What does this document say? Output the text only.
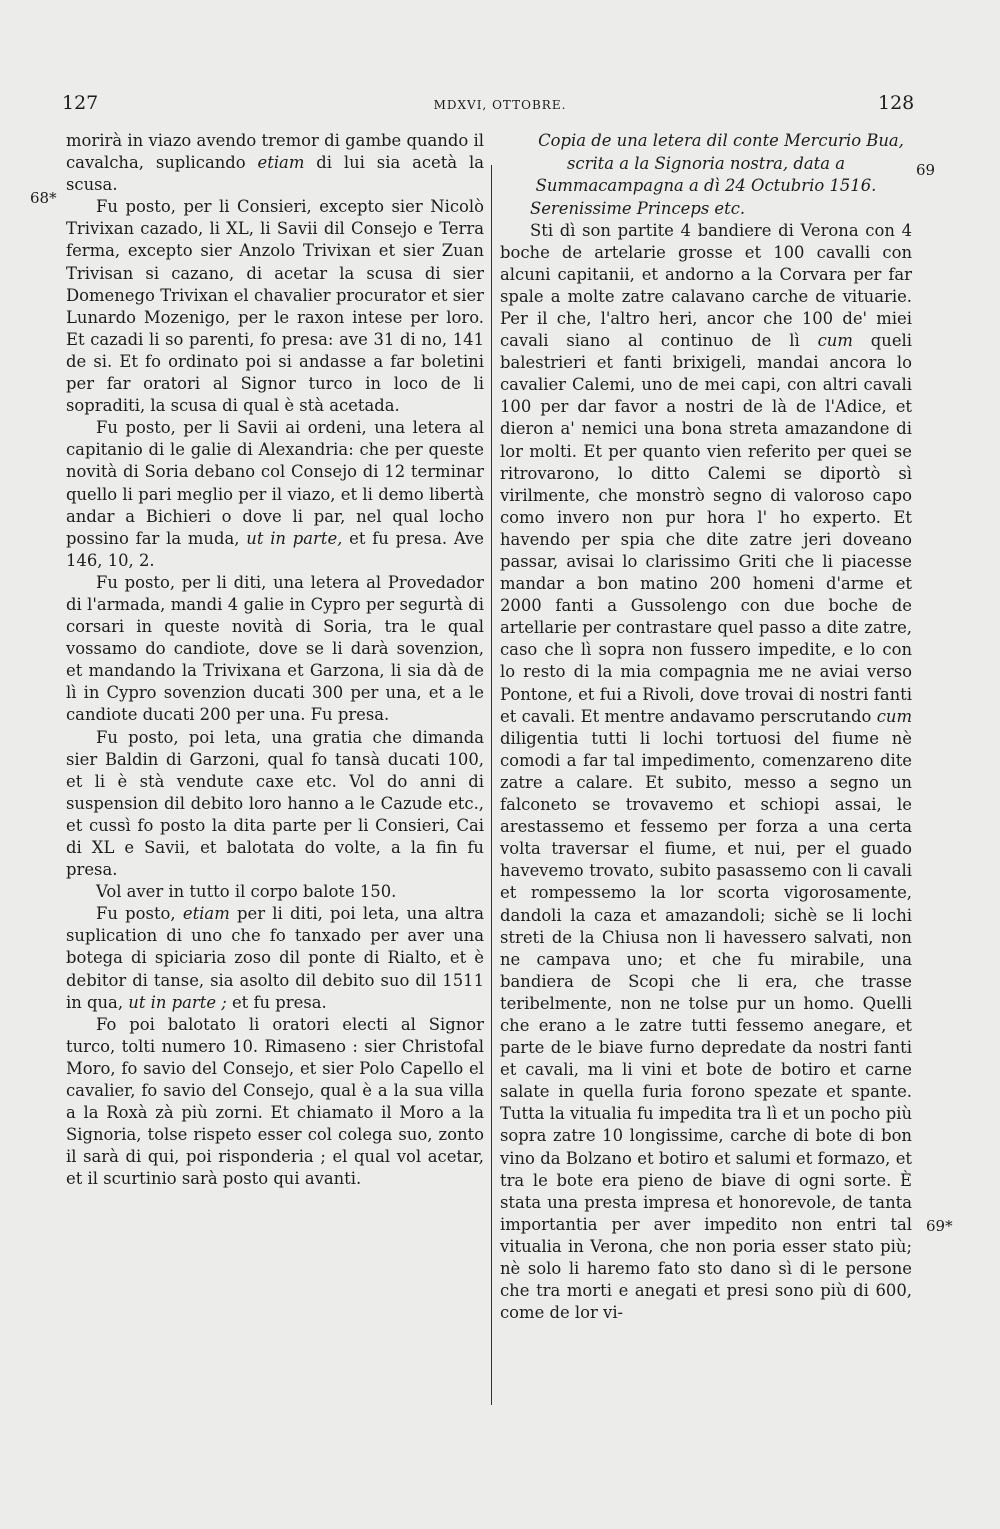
127	MDXVI, OTTOBRE.	128
68*
69
69*

morirà in viazo avendo tremor di gambe quando il cavalcha, suplicando etiam di lui sia acetà la scusa.

Fu posto, per li Consieri, excepto sier Nicolò Trivixan cazado, li XL, li Savii dil Consejo e Terra ferma, excepto sier Anzolo Trivixan et sier Zuan Trivisan si cazano, di acetar la scusa di sier Domenego Trivixan el chavalier procurator et sier Lunardo Mozenigo, per le raxon intese per loro. Et cazadi li so parenti, fo presa: ave 31 di no, 141 de si. Et fo ordinato poi si andasse a far boletini per far oratori al Signor turco in loco de li sopraditi, la scusa di qual è stà acetada.

Fu posto, per li Savii ai ordeni, una letera al capitanio di le galie di Alexandria: che per queste novità di Soria debano col Consejo di 12 terminar quello li pari meglio per il viazo, et li demo libertà andar a Bichieri o dove li par, nel qual locho possino far la muda, ut in parte, et fu presa. Ave 146, 10, 2.

Fu posto, per li diti, una letera al Provedador di l'armada, mandi 4 galie in Cypro per segurtà di corsari in queste novità di Soria, tra le qual vossamo do candiote, dove se li darà sovenzion, et mandando la Trivixana et Garzona, li sia dà de lì in Cypro sovenzion ducati 300 per una, et a le candiote ducati 200 per una. Fu presa.

Fu posto, poi leta, una gratia che dimanda sier Baldin di Garzoni, qual fo tansà ducati 100, et li è stà vendute caxe etc. Vol do anni di suspension dil debito loro hanno a le Cazude etc., et cussì fo posto la dita parte per li Consieri, Cai di XL e Savii, et balotata do volte, a la fin fu presa.

Vol aver in tutto il corpo balote 150.

Fu posto, etiam per li diti, poi leta, una altra suplication di uno che fo tanxado per aver una botega di spiciaria zoso dil ponte di Rialto, et è debitor di tanse, sia asolto dil debito suo dil 1511 in qua, ut in parte ; et fu presa.

Fo poi balotato li oratori electi al Signor turco, tolti numero 10. Rimaseno : sier Christofal Moro, fo savio del Consejo, et sier Polo Capello el cavalier, fo savio del Consejo, qual è a la sua villa a la Roxà zà più zorni. Et chiamato il Moro a la Signoria, tolse rispeto esser col colega suo, zonto il sarà di qui, poi risponderia ; el qual vol acetar, et il scurtinio sarà posto qui avanti.

Copia de una letera dil conte Mercurio Bua, scrita a la Signoria nostra, data a Summacampagna a dì 24 Octubrio 1516.

Serenissime Princeps etc.

Sti dì son partite 4 bandiere di Verona con 4 boche de artelarie grosse et 100 cavalli con alcuni capitanii, et andorno a la Corvara per far spale a molte zatre calavano carche de vituarie. Per il che, l'altro heri, ancor che 100 de' miei cavali siano al continuo de lì cum queli balestrieri et fanti brixigeli, mandai ancora lo cavalier Calemi, uno de mei capi, con altri cavali 100 per dar favor a nostri de là de l'Adice, et dieron a' nemici una bona streta amazandone di lor molti. Et per quanto vien referito per quei se ritrovarono, lo ditto Calemi se diportò sì virilmente, che monstrò segno di valoroso capo como invero non pur hora l' ho experto. Et havendo per spia che dite zatre jeri doveano passar, avisai lo clarissimo Griti che li piacesse mandar a bon matino 200 homeni d'arme et 2000 fanti a Gussolengo con due boche de artellarie per contrastare quel passo a dite zatre, caso che lì sopra non fussero impedite, e lo con lo resto di la mia compagnia me ne aviai verso Pontone, et fui a Rivoli, dove trovai di nostri fanti et cavali. Et mentre andavamo perscrutando cum diligentia tutti li lochi tortuosi del fiume nè comodi a far tal impedimento, comenzareno dite zatre a calare. Et subito, messo a segno un falconeto se trovavemo et schiopi assai, le arestassemo et fessemo per forza a una certa volta traversar el fiume, et nui, per el guado havevemo trovato, subito pasassemo con li cavali et rompessemo la lor scorta vigorosamente, dandoli la caza et amazandoli; sichè se li lochi streti de la Chiusa non li havessero salvati, non ne campava uno; et che fu mirabile, una bandiera de Scopi che li era, che trasse teribelmente, non ne tolse pur un homo. Quelli che erano a le zatre tutti fessemo anegare, et parte de le biave furno depredate da nostri fanti et cavali, ma li vini et bote de botiro et carne salate in quella furia forono spezate et spante. Tutta la vitualia fu impedita tra lì et un pocho più sopra zatre 10 longissime, carche di bote di bon vino da Bolzano et botiro et salumi et formazo, et tra le bote era pieno de biave di ogni sorte. È stata una presta impresa et honorevole, de tanta importantia per aver impedito non entri tal vitualia in Verona, che non poria esser stato più; nè solo li haremo fato sto dano sì di le persone che tra morti e anegati et presi sono più di 600, come de lor vi-
